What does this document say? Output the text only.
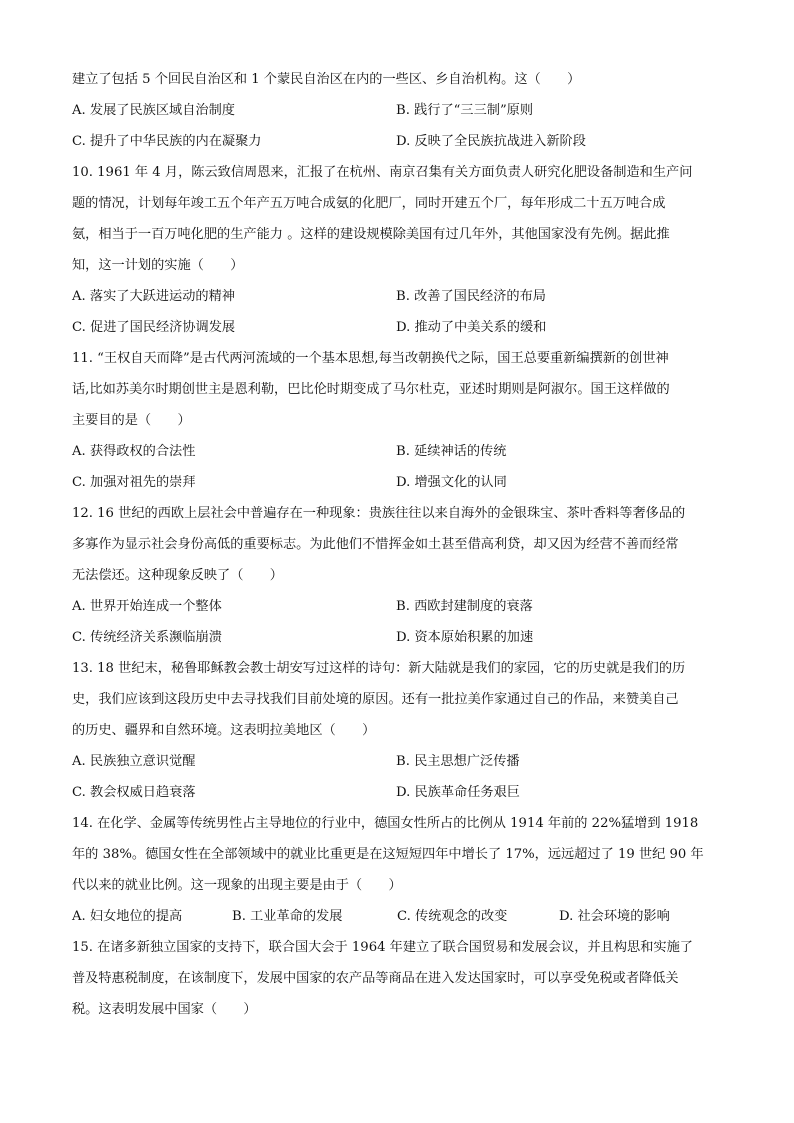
建立了包括 5 个回民自治区和 1 个蒙民自治区在内的一些区、乡自治机构。这（　　）
A. 发展了民族区域自治制度	B. 践行了“三三制”原则
C. 提升了中华民族的内在凝聚力	D. 反映了全民族抗战进入新阶段
10. 1961 年 4 月，陈云致信周恩来，汇报了在杭州、南京召集有关方面负责人研究化肥设备制造和生产问
题的情况，计划每年竣工五个年产五万吨合成氨的化肥厂，同时开建五个厂，每年形成二十五万吨合成
氨，相当于一百万吨化肥的生产能力 。这样的建设规模除美国有过几年外，其他国家没有先例。据此推
知，这一计划的实施（　　）
A. 落实了大跃进运动的精神	B. 改善了国民经济的布局
C. 促进了国民经济协调发展	D. 推动了中美关系的缓和
11. “王权自天而降”是古代两河流域的一个基本思想,每当改朝换代之际，国王总要重新编撰新的创世神
话,比如苏美尔时期创世主是恩利勒，巴比伦时期变成了马尔杜克，亚述时期则是阿淑尔。国王这样做的
主要目的是（　　）
A. 获得政权的合法性	B. 延续神话的传统
C. 加强对祖先的崇拜	D. 增强文化的认同
12. 16 世纪的西欧上层社会中普遍存在一种现象：贵族往往以来自海外的金银珠宝、茶叶香料等奢侈品的
多寡作为显示社会身份高低的重要标志。为此他们不惜挥金如土甚至借高利贷，却又因为经营不善而经常
无法偿还。这种现象反映了（　　）
A. 世界开始连成一个整体	B. 西欧封建制度的衰落
C. 传统经济关系濒临崩溃	D. 资本原始积累的加速
13. 18 世纪末，秘鲁耶稣教会教士胡安写过这样的诗句：新大陆就是我们的家园，它的历史就是我们的历
史，我们应该到这段历史中去寻找我们目前处境的原因。还有一批拉美作家通过自己的作品，来赞美自己
的历史、疆界和自然环境。这表明拉美地区（　　）
A. 民族独立意识觉醒	B. 民主思想广泛传播
C. 教会权威日趋衰落	D. 民族革命任务艰巨
14. 在化学、金属等传统男性占主导地位的行业中，德国女性所占的比例从 1914 年前的 22%猛增到 1918
年的 38%。德国女性在全部领域中的就业比重更是在这短短四年中增长了 17%，远远超过了 19 世纪 90 年
代以来的就业比例。这一现象的出现主要是由于（　　）
A. 妇女地位的提高	B. 工业革命的发展	C. 传统观念的改变	D. 社会环境的影响
15. 在诸多新独立国家的支持下，联合国大会于 1964 年建立了联合国贸易和发展会议，并且构思和实施了
普及特惠税制度，在该制度下，发展中国家的农产品等商品在进入发达国家时，可以享受免税或者降低关
税。这表明发展中国家（　　）
